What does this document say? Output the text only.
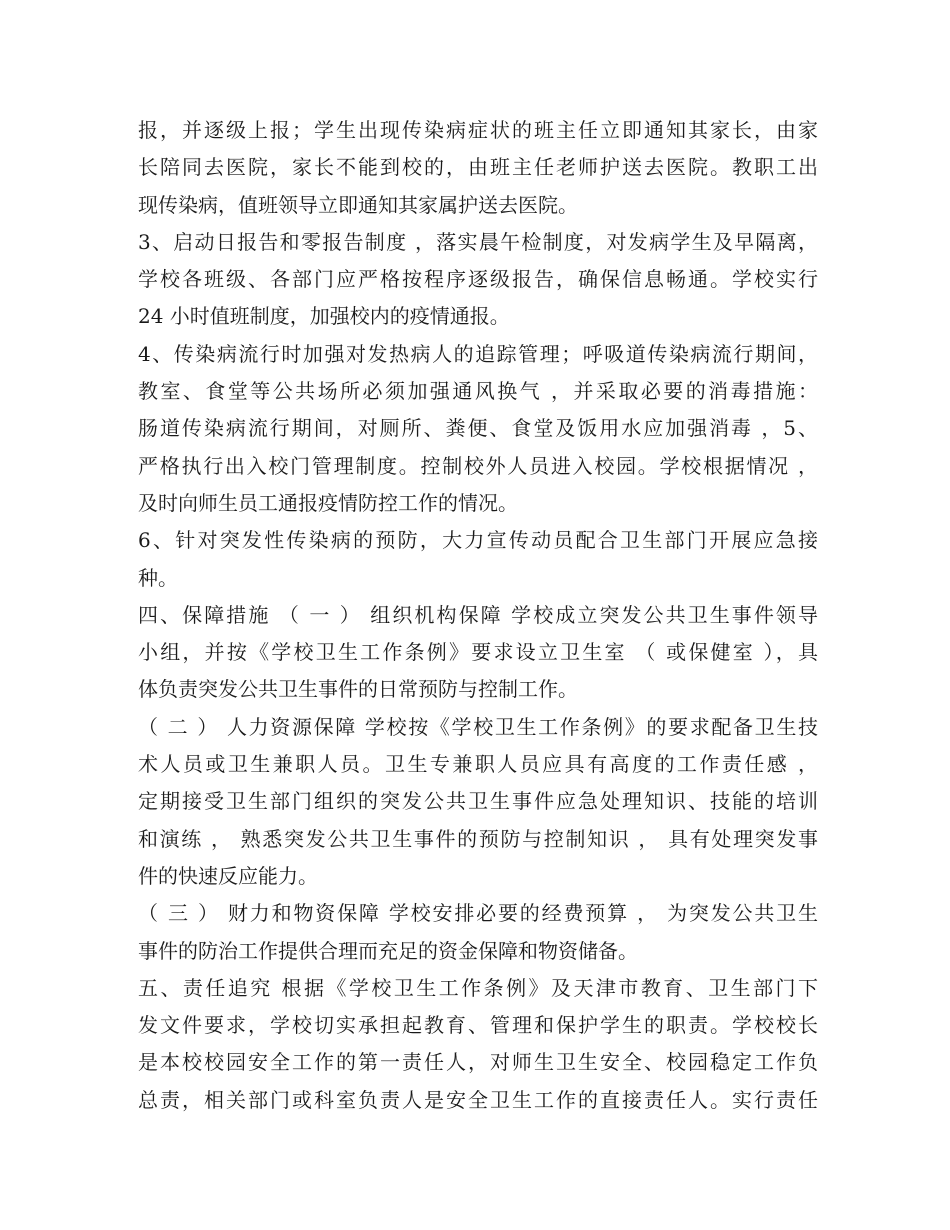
报，并逐级上报；学生出现传染病症状的班主任立即通知其家长，由家
长陪同去医院，家长不能到校的，由班主任老师护送去医院。教职工出
现传染病，值班领导立即通知其家属护送去医院。
3、启动日报告和零报告制度 ，落实晨午检制度，对发病学生及早隔离，
学校各班级、各部门应严格按程序逐级报告，确保信息畅通。学校实行
24 小时值班制度，加强校内的疫情通报。
4、传染病流行时加强对发热病人的追踪管理；呼吸道传染病流行期间，
教室、食堂等公共场所必须加强通风换气 ，并采取必要的消毒措施：
肠道传染病流行期间，对厕所、粪便、食堂及饭用水应加强消毒 ，5、
严格执行出入校门管理制度。控制校外人员进入校园。学校根据情况 ，
及时向师生员工通报疫情防控工作的情况。
6、针对突发性传染病的预防，大力宣传动员配合卫生部门开展应急接
种。
四、保障措施 （ 一 ） 组织机构保障 学校成立突发公共卫生事件领导
小组，并按《学校卫生工作条例》要求设立卫生室 （ 或保健室 ），具
体负责突发公共卫生事件的日常预防与控制工作。
（ 二 ） 人力资源保障 学校按《学校卫生工作条例》的要求配备卫生技
术人员或卫生兼职人员。卫生专兼职人员应具有高度的工作责任感 ，
定期接受卫生部门组织的突发公共卫生事件应急处理知识、技能的培训
和演练 ， 熟悉突发公共卫生事件的预防与控制知识 ， 具有处理突发事
件的快速反应能力。
（ 三 ） 财力和物资保障 学校安排必要的经费预算 ， 为突发公共卫生
事件的防治工作提供合理而充足的资金保障和物资储备。
五、责任追究 根据《学校卫生工作条例》及天津市教育、卫生部门下
发文件要求，学校切实承担起教育、管理和保护学生的职责。学校校长
是本校校园安全工作的第一责任人，对师生卫生安全、校园稳定工作负
总责，相关部门或科室负责人是安全卫生工作的直接责任人。实行责任
